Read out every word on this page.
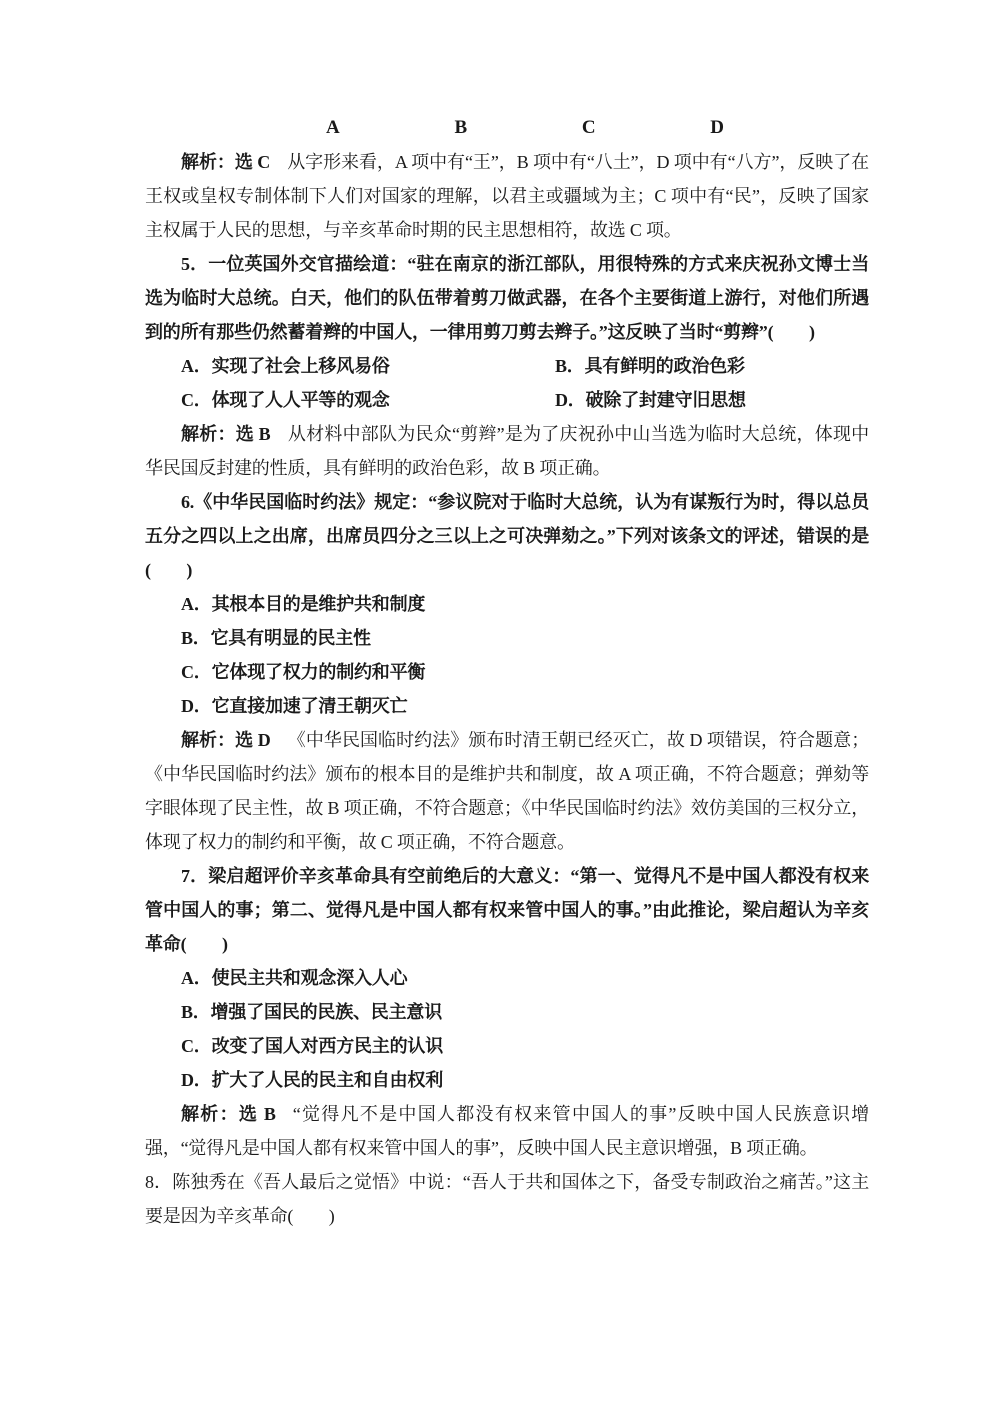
A	B	C	D

解析：选 C 从字形来看，A 项中有“王”，B 项中有“八土”，D 项中有“八方”，反映了在王权或皇权专制体制下人们对国家的理解，以君主或疆域为主；C 项中有“民”，反映了国家主权属于人民的思想，与辛亥革命时期的民主思想相符，故选 C 项。

5．一位英国外交官描绘道：“驻在南京的浙江部队，用很特殊的方式来庆祝孙文博士当选为临时大总统。白天，他们的队伍带着剪刀做武器，在各个主要街道上游行，对他们所遇到的所有那些仍然蓄着辫的中国人，一律用剪刀剪去辫子。”这反映了当时“剪辫”(　　)

A．实现了社会上移风易俗	B．具有鲜明的政治色彩
C．体现了人人平等的观念	D．破除了封建守旧思想

解析：选 B 从材料中部队为民众“剪辫”是为了庆祝孙中山当选为临时大总统，体现中华民国反封建的性质，具有鲜明的政治色彩，故 B 项正确。

6.《中华民国临时约法》规定：“参议院对于临时大总统，认为有谋叛行为时，得以总员五分之四以上之出席，出席员四分之三以上之可决弹劾之。”下列对该条文的评述，错误的是(　　)

A．其根本目的是维护共和制度

B．它具有明显的民主性

C．它体现了权力的制约和平衡

D．它直接加速了清王朝灭亡

解析：选 D 《中华民国临时约法》颁布时清王朝已经灭亡，故 D 项错误，符合题意；《中华民国临时约法》颁布的根本目的是维护共和制度，故 A 项正确，不符合题意；弹劾等字眼体现了民主性，故 B 项正确，不符合题意；《中华民国临时约法》效仿美国的三权分立，体现了权力的制约和平衡，故 C 项正确，不符合题意。

7．梁启超评价辛亥革命具有空前绝后的大意义：“第一、觉得凡不是中国人都没有权来管中国人的事；第二、觉得凡是中国人都有权来管中国人的事。”由此推论，梁启超认为辛亥革命(　　)

A．使民主共和观念深入人心

B．增强了国民的民族、民主意识

C．改变了国人对西方民主的认识

D．扩大了人民的民主和自由权利

解析：选 B “觉得凡不是中国人都没有权来管中国人的事”反映中国人民族意识增强，“觉得凡是中国人都有权来管中国人的事”，反映中国人民主意识增强，B 项正确。

8．陈独秀在《吾人最后之觉悟》中说：“吾人于共和国体之下，备受专制政治之痛苦。”这主要是因为辛亥革命(　　)
